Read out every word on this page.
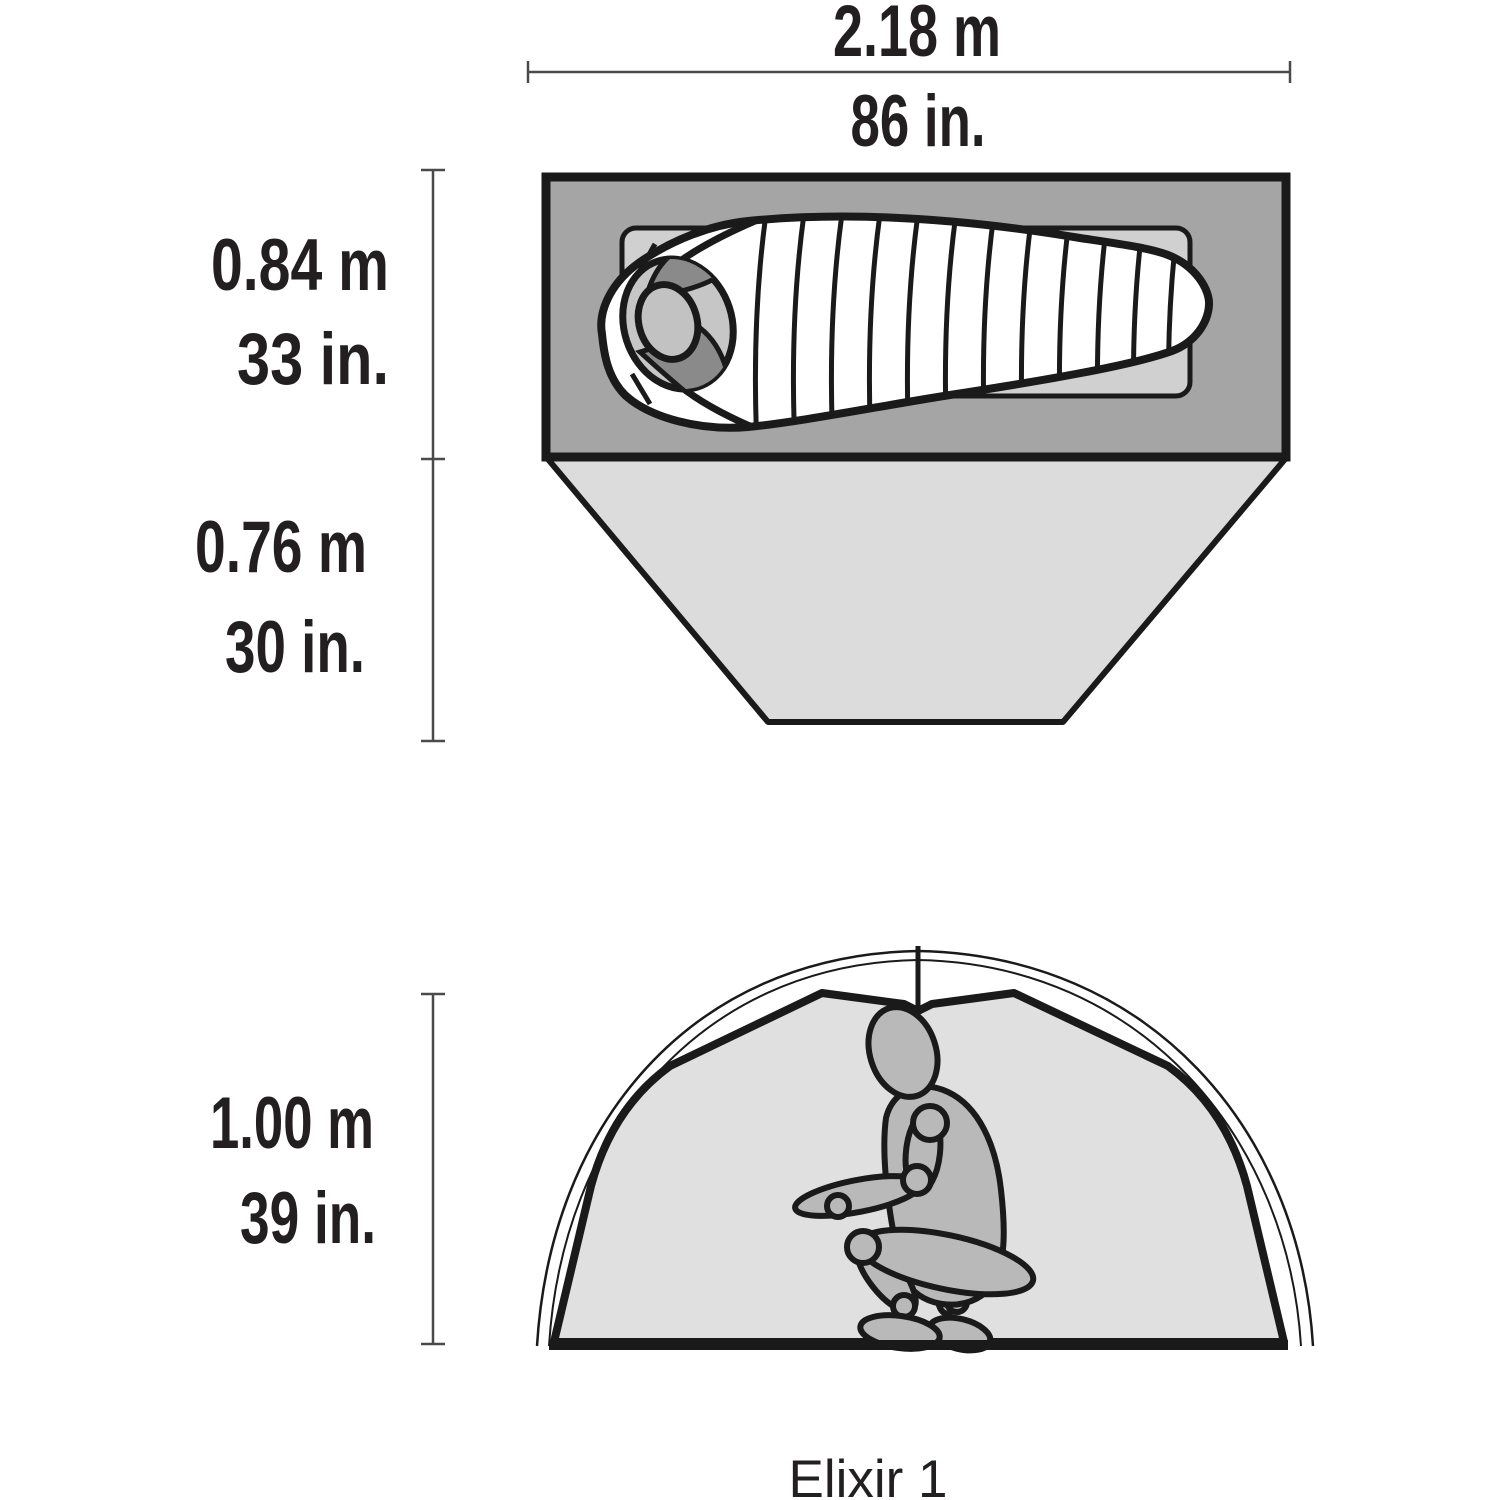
2.18 m
86 in.
0.84 m
33 in.
0.76 m
30 in.
1.00 m
39 in.
Elixir 1
